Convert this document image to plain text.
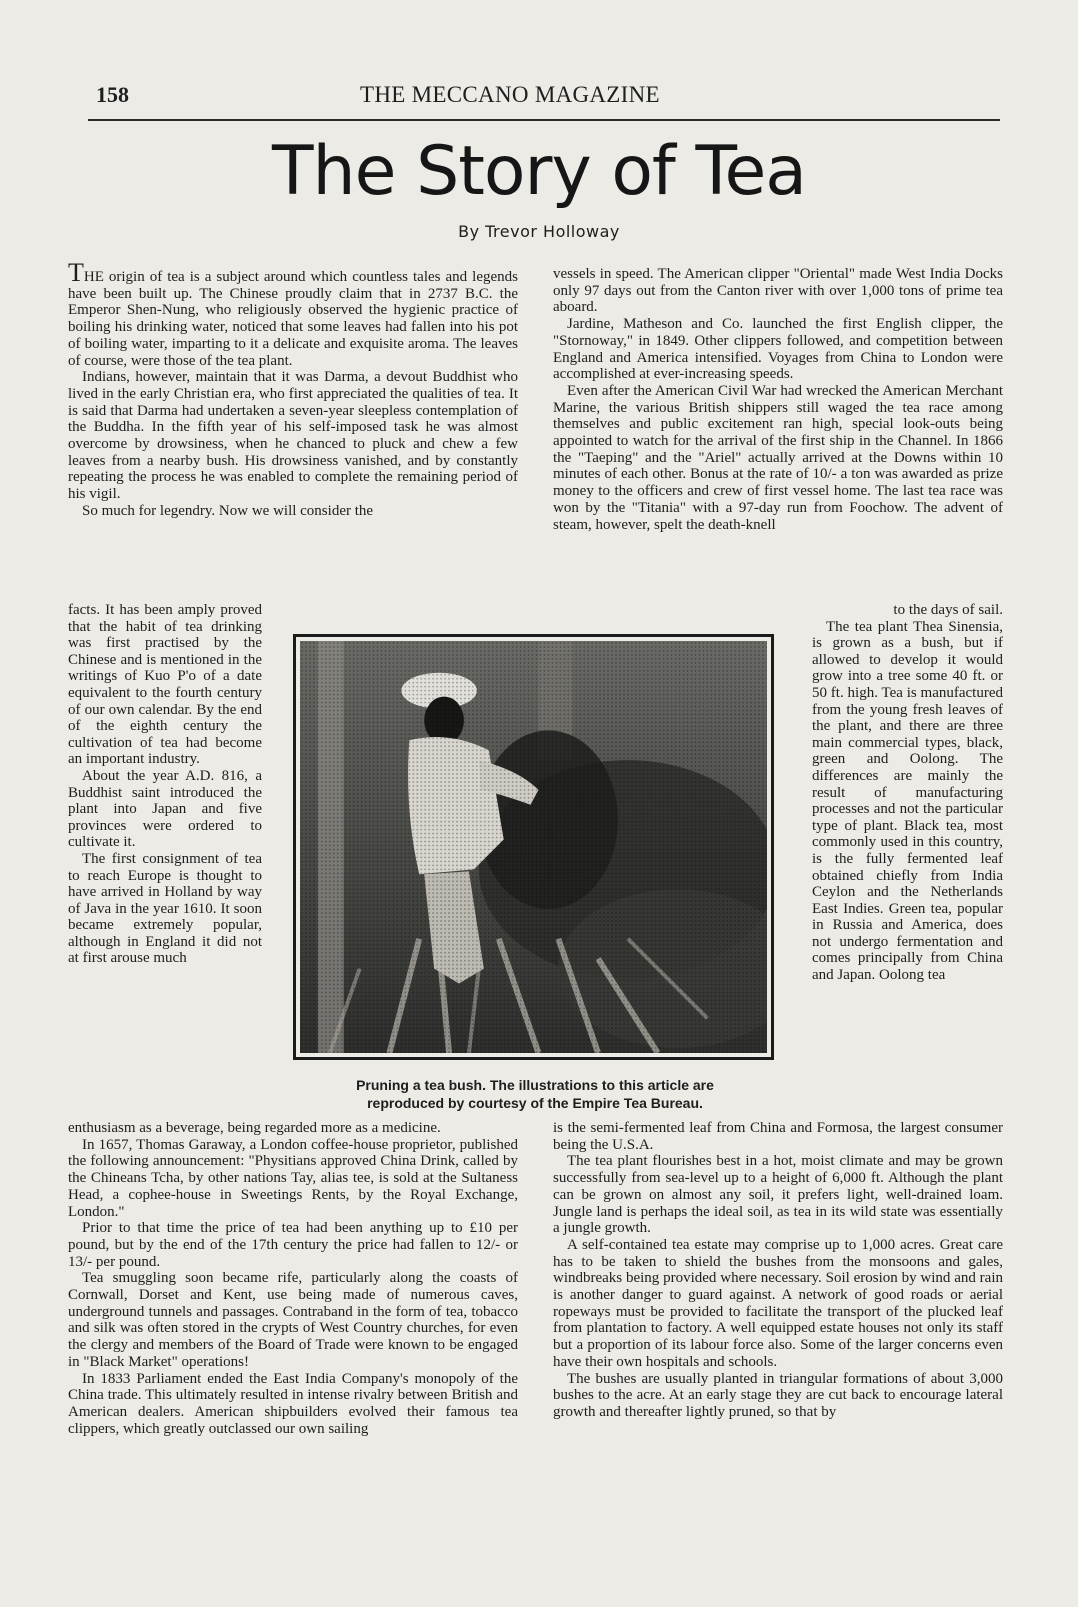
158	THE MECCANO MAGAZINE
The Story of Tea
By Trevor Holloway

THE origin of tea is a subject around which countless tales and legends have been built up. The Chinese proudly claim that in 2737 B.C. the Emperor Shen-Nung, who religiously observed the hygienic practice of boiling his drinking water, noticed that some leaves had fallen into his pot of boiling water, imparting to it a delicate and exquisite aroma. The leaves of course, were those of the tea plant.

Indians, however, maintain that it was Darma, a devout Buddhist who lived in the early Christian era, who first appreciated the qualities of tea. It is said that Darma had undertaken a seven-year sleepless contemplation of the Buddha. In the fifth year of his self-imposed task he was almost overcome by drowsiness, when he chanced to pluck and chew a few leaves from a nearby bush. His drowsiness vanished, and by constantly repeating the process he was enabled to complete the remaining period of his vigil.

So much for legendry. Now we will consider the

facts. It has been amply proved that the habit of tea drinking was first practised by the Chinese and is mentioned in the writings of Kuo P'o of a date equivalent to the fourth century of our own calendar. By the end of the eighth century the cultivation of tea had become an important industry.

About the year A.D. 816, a Buddhist saint introduced the plant into Japan and five provinces were ordered to cultivate it.

The first consignment of tea to reach Europe is thought to have arrived in Holland by way of Java in the year 1610. It soon became extremely popular, although in England it did not at first arouse much

enthusiasm as a beverage, being regarded more as a medicine.

In 1657, Thomas Garaway, a London coffee-house proprietor, published the following announcement: "Physitians approved China Drink, called by the Chineans Tcha, by other nations Tay, alias tee, is sold at the Sultaness Head, a cophee-house in Sweetings Rents, by the Royal Exchange, London."

Prior to that time the price of tea had been anything up to £10 per pound, but by the end of the 17th century the price had fallen to 12/- or 13/- per pound.

Tea smuggling soon became rife, particularly along the coasts of Cornwall, Dorset and Kent, use being made of numerous caves, underground tunnels and passages. Contraband in the form of tea, tobacco and silk was often stored in the crypts of West Country churches, for even the clergy and members of the Board of Trade were known to be engaged in "Black Market" operations!

In 1833 Parliament ended the East India Company's monopoly of the China trade. This ultimately resulted in intense rivalry between British and American dealers. American shipbuilders evolved their famous tea clippers, which greatly outclassed our own sailing

vessels in speed. The American clipper "Oriental" made West India Docks only 97 days out from the Canton river with over 1,000 tons of prime tea aboard.

Jardine, Matheson and Co. launched the first English clipper, the "Stornoway," in 1849. Other clippers followed, and competition between England and America intensified. Voyages from China to London were accomplished at ever-increasing speeds.

Even after the American Civil War had wrecked the American Merchant Marine, the various British shippers still waged the tea race among themselves and public excitement ran high, special look-outs being appointed to watch for the arrival of the first ship in the Channel. In 1866 the "Taeping" and the "Ariel" actually arrived at the Downs within 10 minutes of each other. Bonus at the rate of 10/- a ton was awarded as prize money to the officers and crew of first vessel home. The last tea race was won by the "Titania" with a 97-day run from Foochow. The advent of steam, however, spelt the death-knell

to the days of sail.

The tea plant Thea Sinensia, is grown as a bush, but if allowed to develop it would grow into a tree some 40 ft. or 50 ft. high. Tea is manufactured from the young fresh leaves of the plant, and there are three main commercial types, black, green and Oolong. The differences are mainly the result of manufacturing processes and not the particular type of plant. Black tea, most commonly used in this country, is the fully fermented leaf obtained chiefly from India Ceylon and the Netherlands East Indies. Green tea, popular in Russia and America, does not undergo fermentation and comes principally from China and Japan. Oolong tea

is the semi-fermented leaf from China and Formosa, the largest consumer being the U.S.A.

The tea plant flourishes best in a hot, moist climate and may be grown successfully from sea-level up to a height of 6,000 ft. Although the plant can be grown on almost any soil, it prefers light, well-drained loam. Jungle land is perhaps the ideal soil, as tea in its wild state was essentially a jungle growth.

A self-contained tea estate may comprise up to 1,000 acres. Great care has to be taken to shield the bushes from the monsoons and gales, windbreaks being provided where necessary. Soil erosion by wind and rain is another danger to guard against. A network of good roads or aerial ropeways must be provided to facilitate the transport of the plucked leaf from plantation to factory. A well equipped estate houses not only its staff but a proportion of its labour force also. Some of the larger concerns even have their own hospitals and schools.

The bushes are usually planted in triangular formations of about 3,000 bushes to the acre. At an early stage they are cut back to encourage lateral growth and thereafter lightly pruned, so that by

Pruning a tea bush. The illustrations to this article are
reproduced by courtesy of the Empire Tea Bureau.
